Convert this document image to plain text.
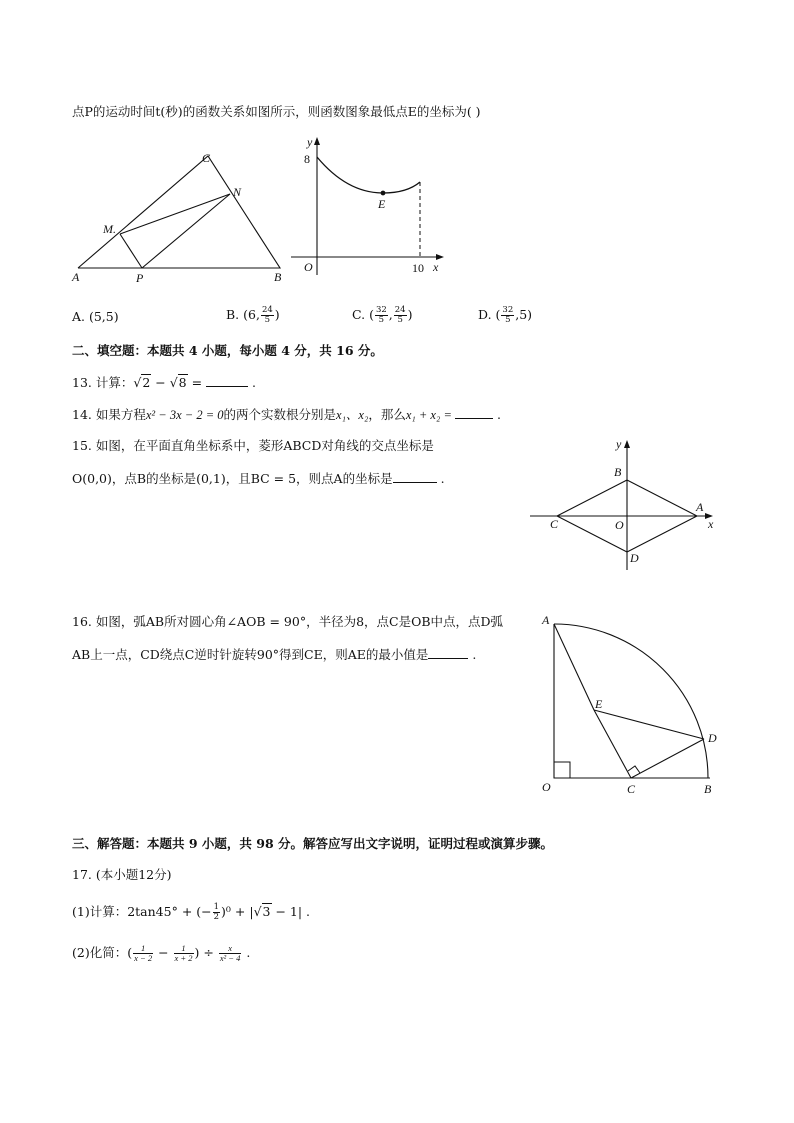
点P的运动时间t(秒)的函数关系如图所示，则函数图象最低点E的坐标为( )
A	B
C
M.
N
P
y
8
E
O	10 x
A. (5,5)	B. (6, $\frac{24}{5}$ )	C. ( $\frac{32}{5}$ , $\frac{24}{5}$ )	D. ( $\frac{32}{5} ,5$)
二、填空题：本题共 4 小题，每小题 4 分，共 16 分。
13. 计算：√2 − √8 =	.
14. 如果方程x² − 3x − 2 = 0的两个实数根分别是x₁、x₂，那么x₁ + x₂ =	.
15. 如图，在平面直角坐标系中，菱形ABCD对角线的交点坐标是
O(0,0)，点B的坐标是(0,1)，且BC = 5，则点A的坐标是	.
y
B
A
C	O	x
D
16. 如图，弧AB所对圆心角∠AOB = 90°，半径为8，点C是OB中点，点D弧
AB上一点，CD绕点C逆时针旋转90°得到CE，则AE的最小值是	.
A
E
D
O	C	B
三、解答题：本题共 9 小题，共 98 分。解答应写出文字说明，证明过程或演算步骤。
17. (本小题12分)
(1)计算：2tan45° + (− $\frac{1}{2} )^0 + |√3 - 1|$ .
(2)化简：( $\frac{1}{x - 2} - \frac{1}{x + 2}$ ) ÷ $\frac{x}{\text{x² − 4}}$ .
